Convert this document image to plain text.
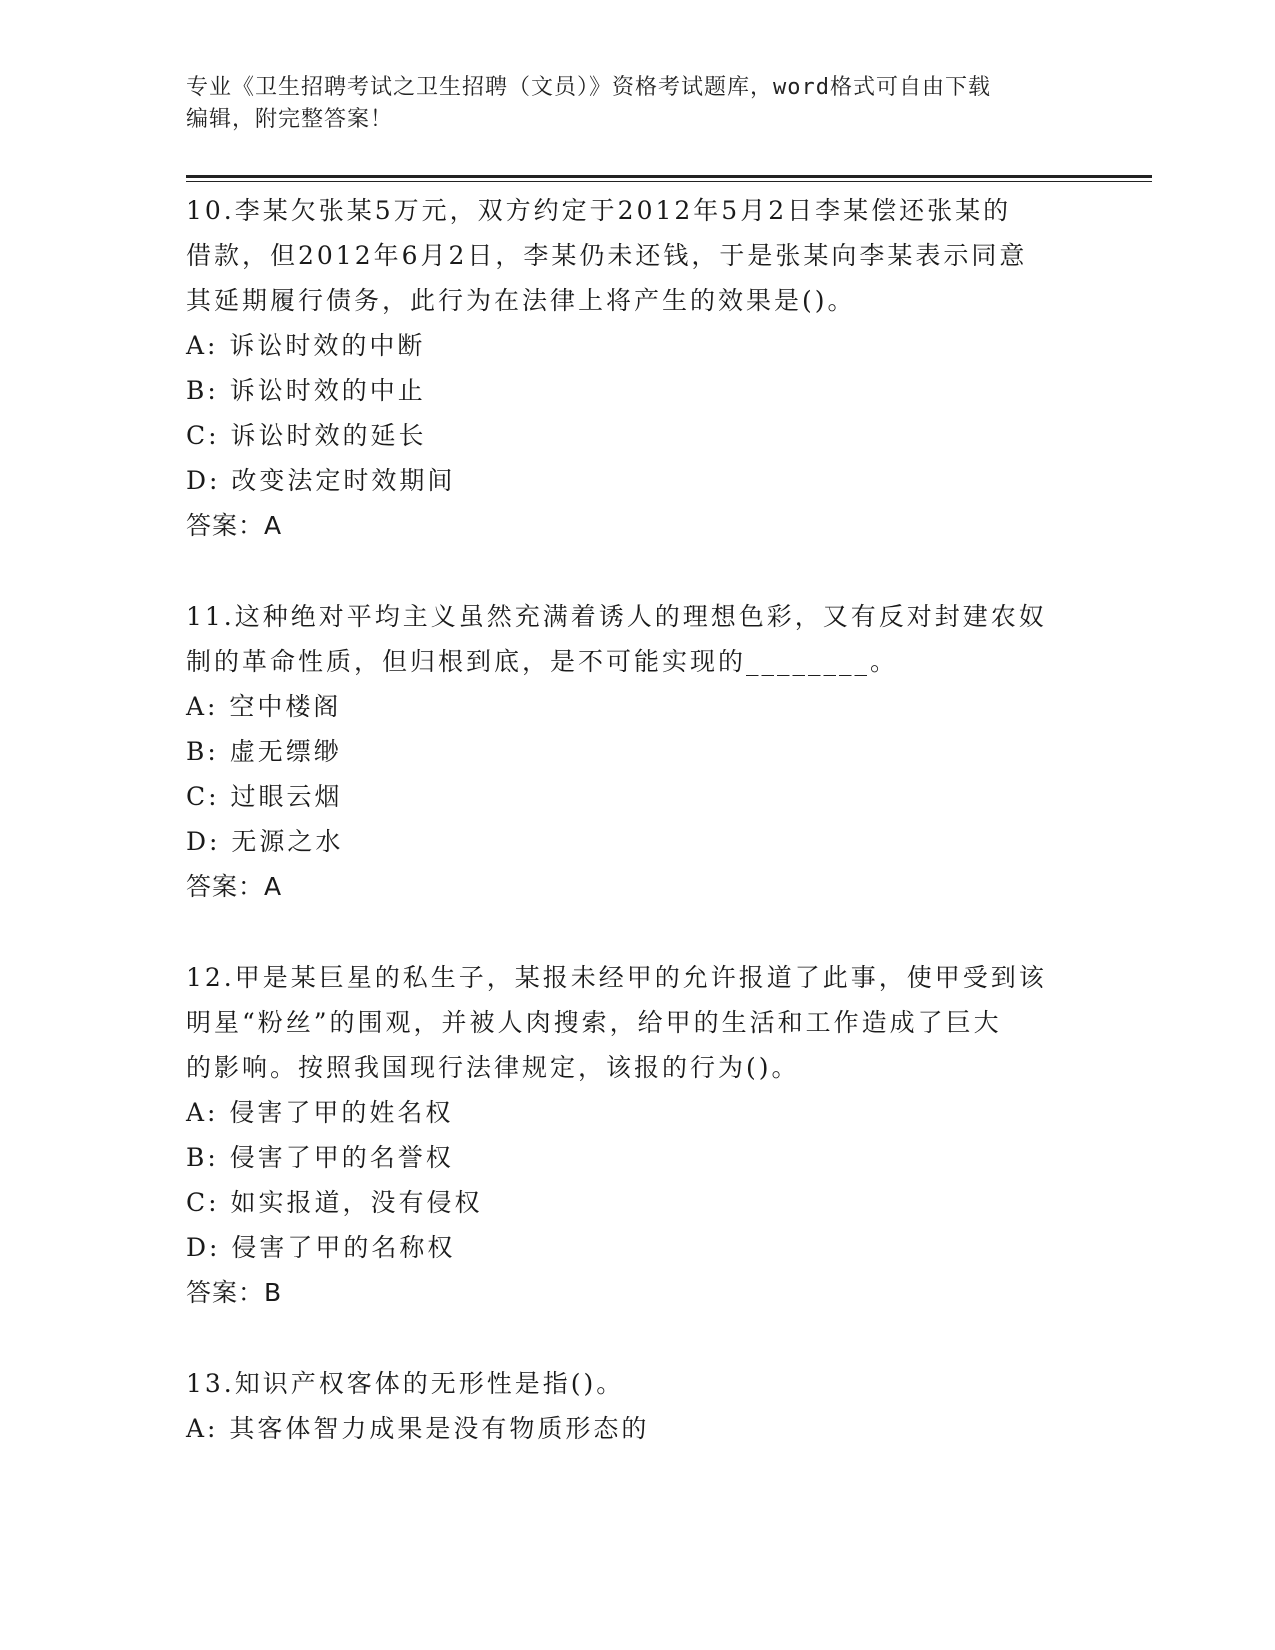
专业《卫生招聘考试之卫生招聘（文员）》资格考试题库，word格式可自由下载
编辑，附完整答案！
10.李某欠张某5万元，双方约定于2012年5月2日李某偿还张某的
借款，但2012年6月2日，李某仍未还钱，于是张某向李某表示同意
其延期履行债务，此行为在法律上将产生的效果是()。
A: 诉讼时效的中断
B: 诉讼时效的中止
C: 诉讼时效的延长
D: 改变法定时效期间
答案：A
11.这种绝对平均主义虽然充满着诱人的理想色彩，又有反对封建农奴
制的革命性质，但归根到底，是不可能实现的________。
A: 空中楼阁
B: 虚无缥缈
C: 过眼云烟
D: 无源之水
答案：A
12.甲是某巨星的私生子，某报未经甲的允许报道了此事，使甲受到该
明星“粉丝”的围观，并被人肉搜索，给甲的生活和工作造成了巨大
的影响。按照我国现行法律规定，该报的行为()。
A: 侵害了甲的姓名权
B: 侵害了甲的名誉权
C: 如实报道，没有侵权
D: 侵害了甲的名称权
答案：B
13.知识产权客体的无形性是指()。
A: 其客体智力成果是没有物质形态的
